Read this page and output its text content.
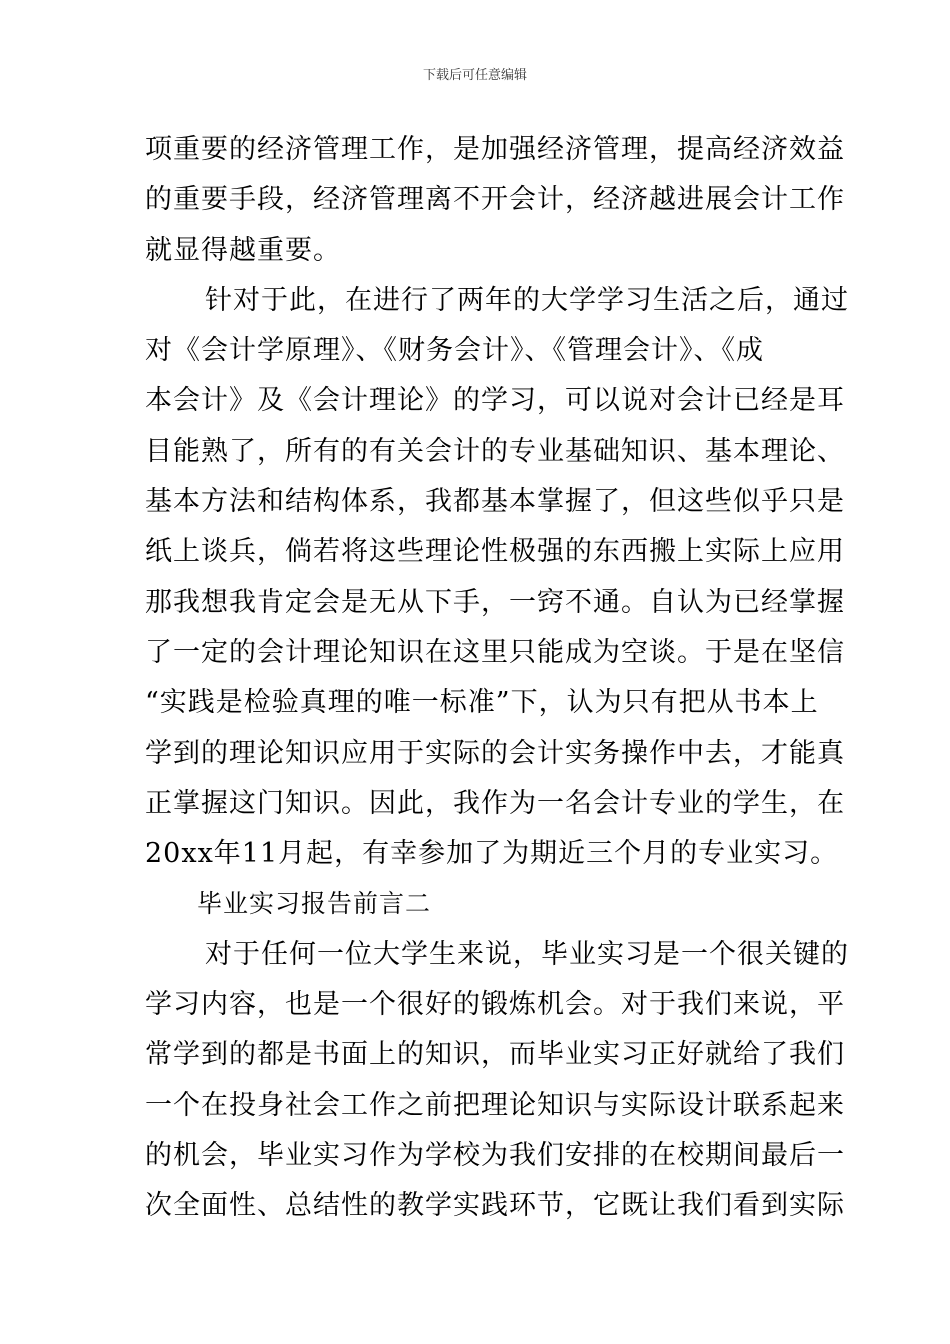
下载后可任意编辑
项重要的经济管理工作，是加强经济管理，提高经济效益
的重要手段，经济管理离不开会计，经济越进展会计工作
就显得越重要。
针对于此，在进行了两年的大学学习生活之后，通过
对《会计学原理》、《财务会计》、《管理会计》、《成
本会计》及《会计理论》的学习，可以说对会计已经是耳
目能熟了，所有的有关会计的专业基础知识、基本理论、
基本方法和结构体系，我都基本掌握了，但这些似乎只是
纸上谈兵，倘若将这些理论性极强的东西搬上实际上应用
那我想我肯定会是无从下手，一窍不通。自认为已经掌握
了一定的会计理论知识在这里只能成为空谈。于是在坚信
“实践是检验真理的唯一标准”下，认为只有把从书本上
学到的理论知识应用于实际的会计实务操作中去，才能真
正掌握这门知识。因此，我作为一名会计专业的学生，在
20xx年11月起，有幸参加了为期近三个月的专业实习。
毕业实习报告前言二
对于任何一位大学生来说，毕业实习是一个很关键的
学习内容，也是一个很好的锻炼机会。对于我们来说，平
常学到的都是书面上的知识，而毕业实习正好就给了我们
一个在投身社会工作之前把理论知识与实际设计联系起来
的机会，毕业实习作为学校为我们安排的在校期间最后一
次全面性、总结性的教学实践环节，它既让我们看到实际
